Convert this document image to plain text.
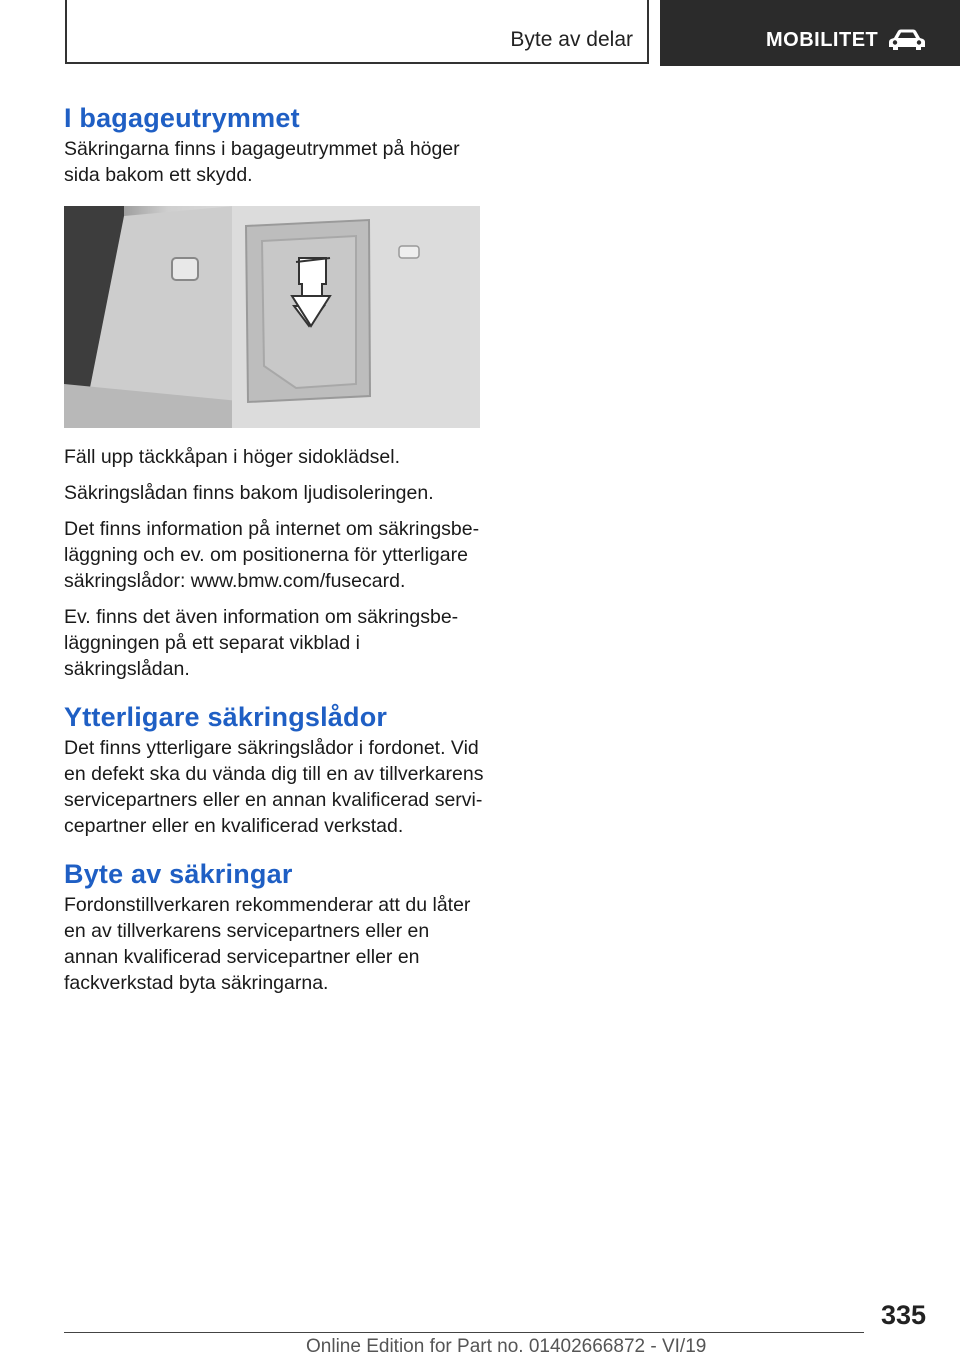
Byte av delar	MOBILITET
I bagageutrymmet

Säkringarna finns i bagageutrymmet på höger sida bakom ett skydd.

Fäll upp täckkåpan i höger sidoklädsel.

Säkringslådan finns bakom ljudisoleringen.

Det finns information på internet om säkringsbe- läggning och ev. om positionerna för ytterligare säkringslådor: www.bmw.com/fusecard.

Ev. finns det även information om säkringsbe- läggningen på ett separat vikblad i säkringslådan.

Ytterligare säkringslådor

Det finns ytterligare säkringslådor i fordonet. Vid en defekt ska du vända dig till en av tillverkarens servicepartners eller en annan kvalificerad servi- cepartner eller en kvalificerad verkstad.

Byte av säkringar

Fordonstillverkaren rekommenderar att du låter en av tillverkarens servicepartners eller en annan kvalificerad servicepartner eller en fackverkstad byta säkringarna.

335
Online Edition for Part no. 01402666872 - VI/19
